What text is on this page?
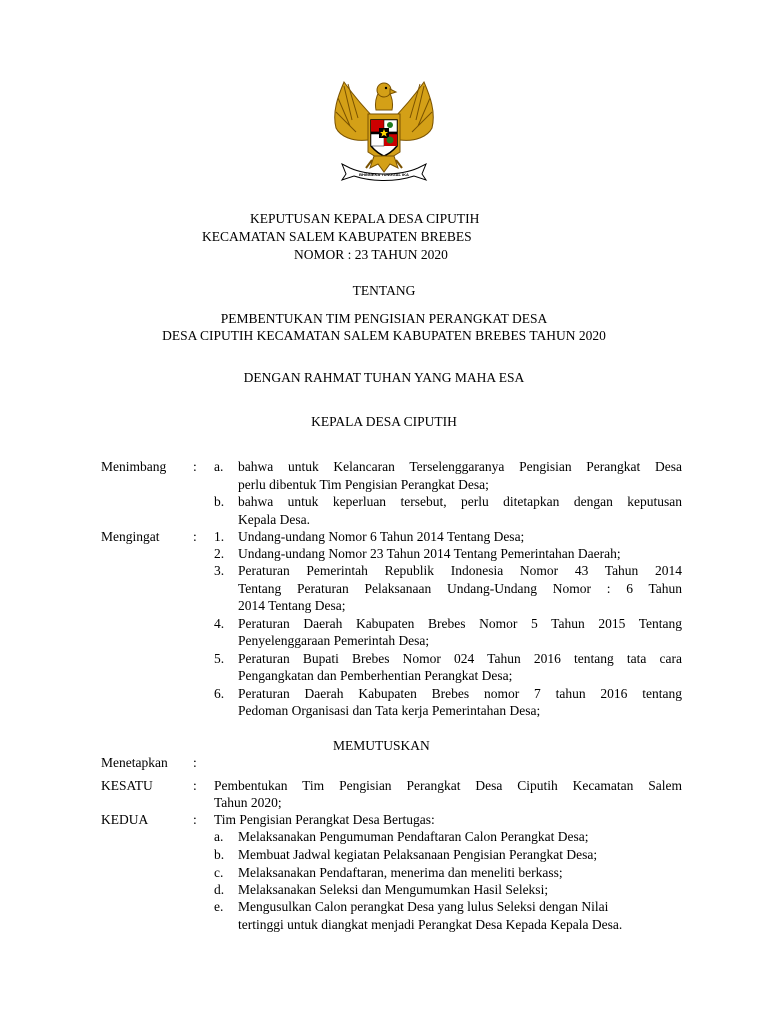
BHINNEKA TUNGGAL IKA
KEPUTUSAN KEPALA DESA CIPUTIH
KECAMATAN SALEM KABUPATEN BREBES
NOMOR : 23 TAHUN 2020
TENTANG
PEMBENTUKAN TIM PENGISIAN PERANGKAT DESA
DESA CIPUTIH KECAMATAN SALEM KABUPATEN BREBES TAHUN 2020
DENGAN RAHMAT TUHAN YANG MAHA ESA
KEPALA DESA CIPUTIH
Menimbang : a. bahwa untuk Kelancaran Terselenggaranya Pengisian Perangkat Desa
perlu dibentuk Tim Pengisian Perangkat Desa;
b. bahwa untuk keperluan tersebut, perlu ditetapkan dengan keputusan
Kepala Desa.
Mengingat : 1. Undang-undang Nomor 6 Tahun 2014 Tentang Desa;
2. Undang-undang Nomor 23 Tahun 2014 Tentang Pemerintahan Daerah;
3. Peraturan Pemerintah Republik Indonesia Nomor 43 Tahun 2014
Tentang Peraturan Pelaksanaan Undang-Undang Nomor : 6 Tahun
2014 Tentang Desa;
4. Peraturan Daerah Kabupaten Brebes Nomor 5 Tahun 2015 Tentang
Penyelenggaraan Pemerintah Desa;
5. Peraturan Bupati Brebes Nomor 024 Tahun 2016 tentang tata cara
Pengangkatan dan Pemberhentian Perangkat Desa;
6. Peraturan Daerah Kabupaten Brebes nomor 7 tahun 2016 tentang
Pedoman Organisasi dan Tata kerja Pemerintahan Desa;
MEMUTUSKAN
Menetapkan :
KESATU	: Pembentukan Tim Pengisian Perangkat Desa Ciputih Kecamatan Salem
Tahun 2020;
KEDUA	: Tim Pengisian Perangkat Desa Bertugas:
a. Melaksanakan Pengumuman Pendaftaran Calon Perangkat Desa;
b. Membuat Jadwal kegiatan Pelaksanaan Pengisian Perangkat Desa;
c. Melaksanakan Pendaftaran, menerima dan meneliti berkass;
d. Melaksanakan Seleksi dan Mengumumkan Hasil Seleksi;
e. Mengusulkan Calon perangkat Desa yang lulus Seleksi dengan Nilai
tertinggi untuk diangkat menjadi Perangkat Desa Kepada Kepala Desa.
